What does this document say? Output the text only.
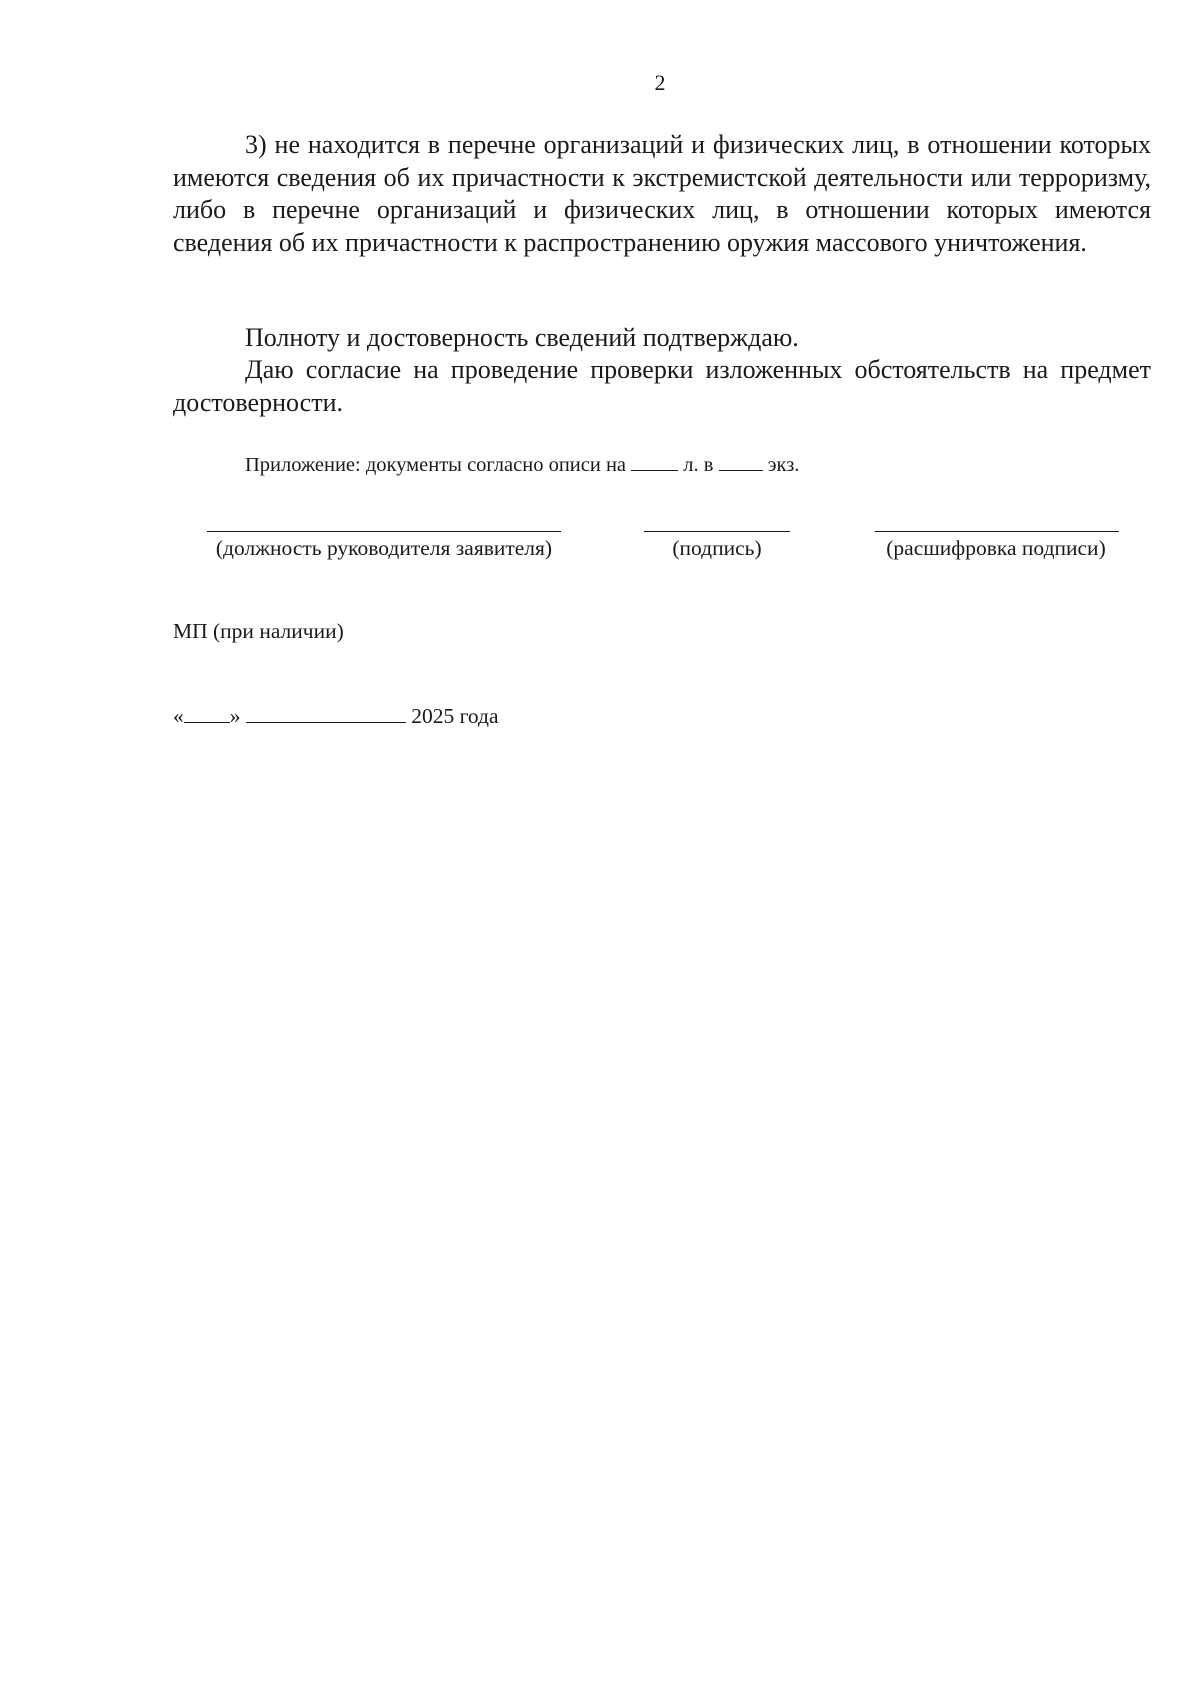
2

3) не находится в перечне организаций и физических лиц, в отношении которых имеются сведения об их причастности к экстремистской деятельности или терроризму, либо в перечне организаций и физических лиц, в отношении которых имеются сведения об их причастности к распространению оружия массового уничтожения.

Полноту и достоверность сведений подтверждаю.

Даю согласие на проведение проверки изложенных обстоятельств на предмет достоверности.

Приложение: документы согласно описи на	л. в	экз.
(должность руководителя заявителя)	(подпись)	(расшифровка подписи)
МП (при наличии)
« »	2025 года
